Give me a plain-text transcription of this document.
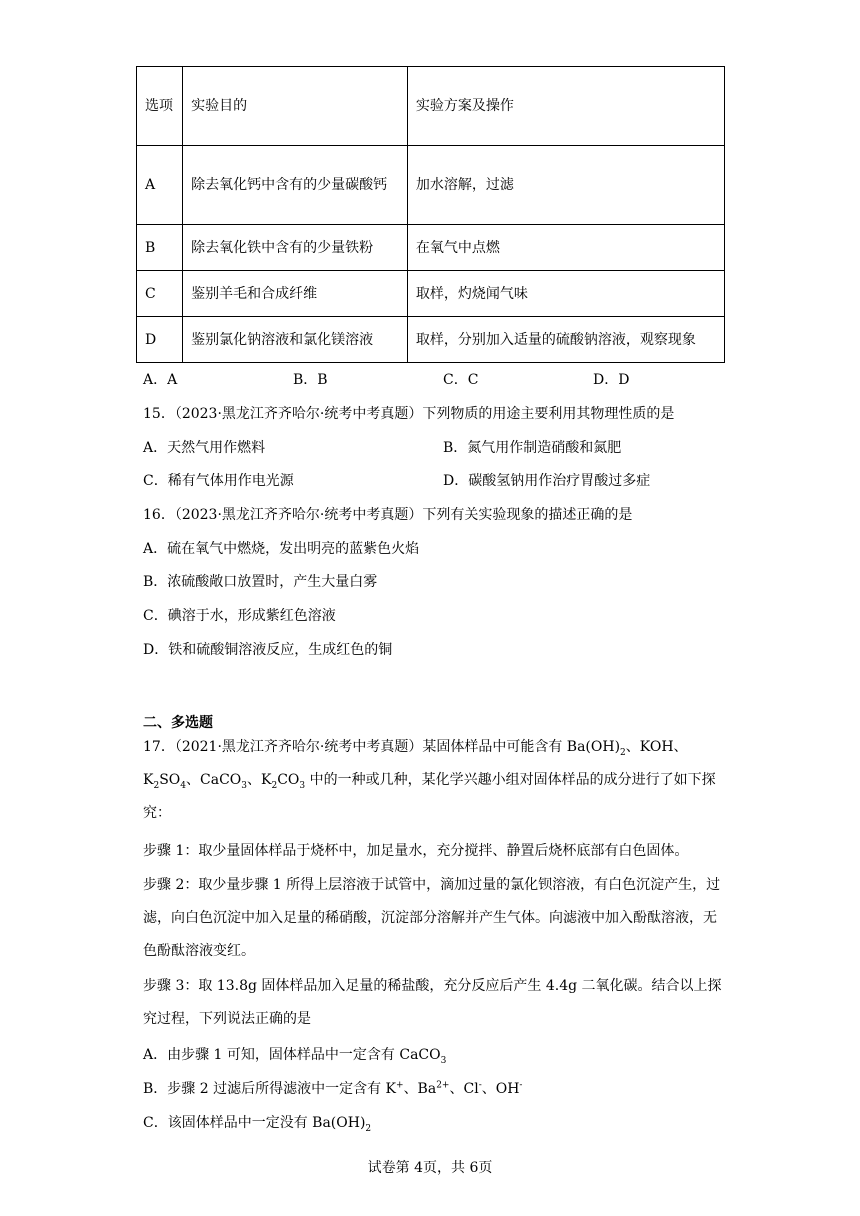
选项	实验目的	实验方案及操作
A	除去氧化钙中含有的少量碳酸钙	加水溶解，过滤
B	除去氧化铁中含有的少量铁粉	在氧气中点燃
C	鉴别羊毛和合成纤维	取样，灼烧闻气味
D	鉴别氯化钠溶液和氯化镁溶液	取样，分别加入适量的硫酸钠溶液，观察现象
A．A	B．B	C．C	D．D
15．（2023·黑龙江齐齐哈尔·统考中考真题）下列物质的用途主要利用其物理性质的是
A．天然气用作燃料	B．氮气用作制造硝酸和氮肥
C．稀有气体用作电光源	D．碳酸氢钠用作治疗胃酸过多症
16．（2023·黑龙江齐齐哈尔·统考中考真题）下列有关实验现象的描述正确的是
A．硫在氧气中燃烧，发出明亮的蓝紫色火焰
B．浓硫酸敞口放置时，产生大量白雾
C．碘溶于水，形成紫红色溶液
D．铁和硫酸铜溶液反应，生成红色的铜
二、多选题
17．（2021·黑龙江齐齐哈尔·统考中考真题）某固体样品中可能含有 $Ba(OH)_2$、KOH、$K_2SO_4$、CaCO$_3$、$K_2CO_3$ 中的一种或几种，某化学兴趣小组对固体样品的成分进行了如下探究：
步骤 1：取少量固体样品于烧杯中，加足量水，充分搅拌、静置后烧杯底部有白色固体。
步骤 2：取少量步骤 1 所得上层溶液于试管中，滴加过量的氯化钡溶液，有白色沉淀产生，过滤，向白色沉淀中加入足量的稀硝酸，沉淀部分溶解并产生气体。向滤液中加入酚酞溶液，无色酚酞溶液变红。
步骤 3：取 13.8g 固体样品加入足量的稀盐酸，充分反应后产生 4.4g 二氧化碳。结合以上探究过程，下列说法正确的是
A．由步骤 1 可知，固体样品中一定含有 CaCO$_3$
B．步骤 2 过滤后所得滤液中一定含有 K+、$Ba^{2+}$、Cl-、OH-
C．该固体样品中一定没有 $Ba(OH)_2$
试卷第 4页，共 6页
